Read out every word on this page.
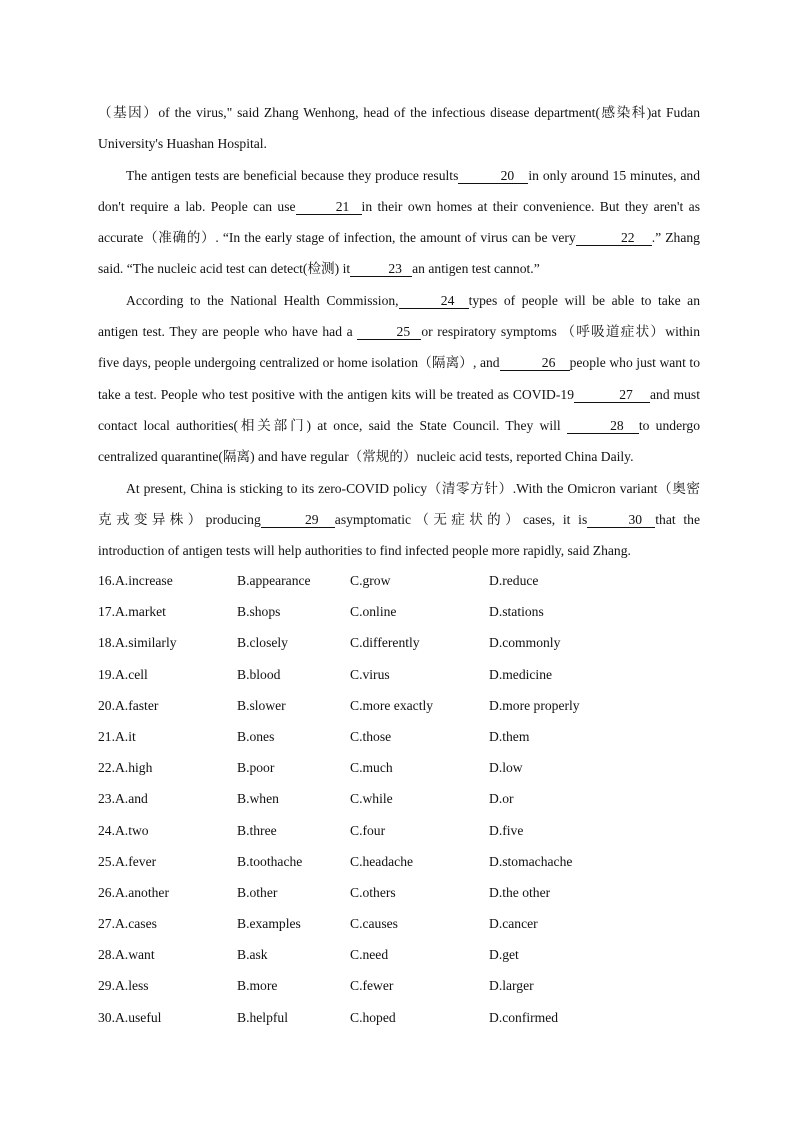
（基因）of the virus," said Zhang Wenhong, head of the infectious disease department(感染科)at Fudan University's Huashan Hospital.

The antigen tests are beneficial because they produce results	20 in only around 15 minutes, and don't require a lab. People can use	21 in their own homes at their convenience. But they aren't as accurate（准确的）. “In the early stage of infection, the amount of virus can be very	22 .” Zhang said. “The nucleic acid test can detect(检测) it	23 an antigen test cannot.”

According to the National Health Commission,	24 types of people will be able to take an antigen test. They are people who have had a	25 or respiratory symptoms （呼吸道症状）within five days, people undergoing centralized or home isolation（隔离）, and	26 people who just want to take a test. People who test positive with the antigen kits will be treated as COVID-19	27 and must contact local authorities(相关部门) at once, said the State Council. They will	28 to undergo centralized quarantine(隔离) and have regular（常规的）nucleic acid tests, reported China Daily.

At present, China is sticking to its zero-COVID policy（清零方针）.With the Omicron variant（奥密克戎变异株）producing	29 asymptomatic（无症状的）cases, it is	30 that the introduction of antigen tests will help authorities to find infected people more rapidly, said Zhang.

16.A.increase	B.appearance	C.grow	D.reduce
17.A.market	B.shops	C.online	D.stations
18.A.similarly	B.closely	C.differently	D.commonly
19.A.cell	B.blood	C.virus	D.medicine
20.A.faster	B.slower	C.more exactly	D.more properly
21.A.it	B.ones	C.those	D.them
22.A.high	B.poor	C.much	D.low
23.A.and	B.when	C.while	D.or
24.A.two	B.three	C.four	D.five
25.A.fever	B.toothache	C.headache	D.stomachache
26.A.another	B.other	C.others	D.the other
27.A.cases	B.examples	C.causes	D.cancer
28.A.want	B.ask	C.need	D.get
29.A.less	B.more	C.fewer	D.larger
30.A.useful	B.helpful	C.hoped	D.confirmed
